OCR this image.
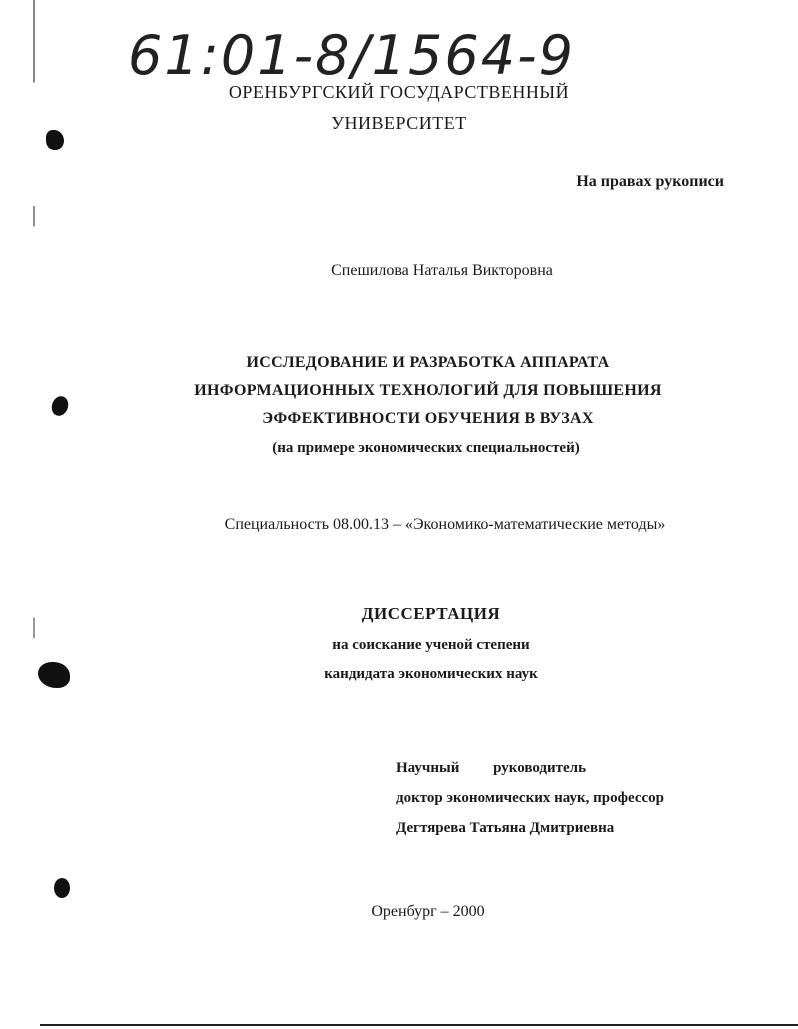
61:01-8/1564-9
ОРЕНБУРГСКИЙ ГОСУДАРСТВЕННЫЙ
УНИВЕРСИТЕТ
На правах рукописи
Спешилова Наталья Викторовна
ИССЛЕДОВАНИЕ И РАЗРАБОТКА АППАРАТА
ИНФОРМАЦИОННЫХ ТЕХНОЛОГИЙ ДЛЯ ПОВЫШЕНИЯ
ЭФФЕКТИВНОСТИ ОБУЧЕНИЯ В ВУЗАХ
(на примере экономических специальностей)
Специальность 08.00.13 – «Экономико-математические методы»
ДИССЕРТАЦИЯ
на соискание ученой степени
кандидата экономических наук
Научный руководитель
доктор экономических наук, профессор
Дегтярева Татьяна Дмитриевна
Оренбург – 2000
